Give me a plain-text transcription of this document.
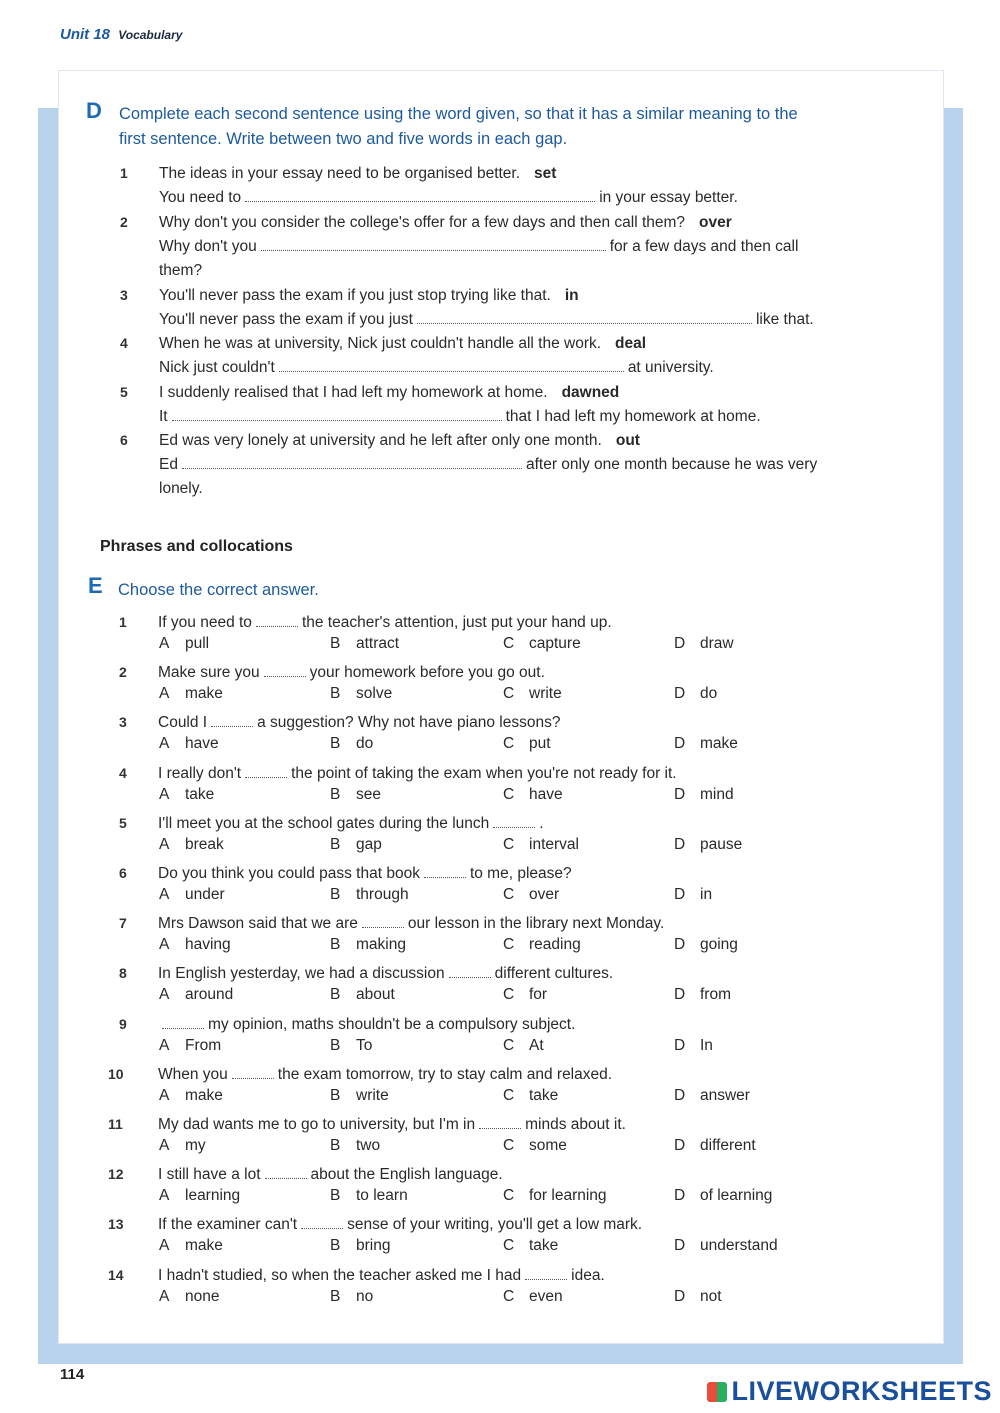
Unit 18 Vocabulary
D Complete each second sentence using the word given, so that it has a similar meaning to the
first sentence. Write between two and five words in each gap.
1 The ideas in your essay need to be organised better. set
You need to	in your essay better.
2 Why don't you consider the college's offer for a few days and then call them? over
Why don't you	for a few days and then call
them?
3 You'll never pass the exam if you just stop trying like that. in
You'll never pass the exam if you just	like that.
4 When he was at university, Nick just couldn't handle all the work. deal
Nick just couldn't	at university.
5 I suddenly realised that I had left my homework at home. dawned
It	that I had left my homework at home.
6 Ed was very lonely at university and he left after only one month. out
Ed	after only one month because he was very
lonely.
Phrases and collocations
E Choose the correct answer.
1 If you need to	the teacher's attention, just put your hand up.
A pull	B attract	C capture	D draw
2 Make sure you	your homework before you go out.
A make	B solve	C write	D do
3 Could I	a suggestion? Why not have piano lessons?
A have	B do	C put	D make
4 I really don't	the point of taking the exam when you're not ready for it.
A take	B see	C have	D mind
5 I'll meet you at the school gates during the lunch	.
A break	B gap	C interval	D pause
6 Do you think you could pass that book	to me, please?
A under	B through	C over	D in
7 Mrs Dawson said that we are	our lesson in the library next Monday.
A having	B making	C reading	D going
8 In English yesterday, we had a discussion	different cultures.
A around	B about	C for	D from
9	my opinion, maths shouldn't be a compulsory subject.
A From	B To	C At	D In
10 When you	the exam tomorrow, try to stay calm and relaxed.
A make	B write	C take	D answer
11 My dad wants me to go to university, but I'm in	minds about it.
A my	B two	C some	D different
12 I still have a lot	about the English language.
A learning	B to learn	C for learning	D of learning
13 If the examiner can't	sense of your writing, you'll get a low mark.
A make	B bring	C take	D understand
14 I hadn't studied, so when the teacher asked me I had	idea.
A none	B no	C even	D not
114
LIVEWORKSHEETS
